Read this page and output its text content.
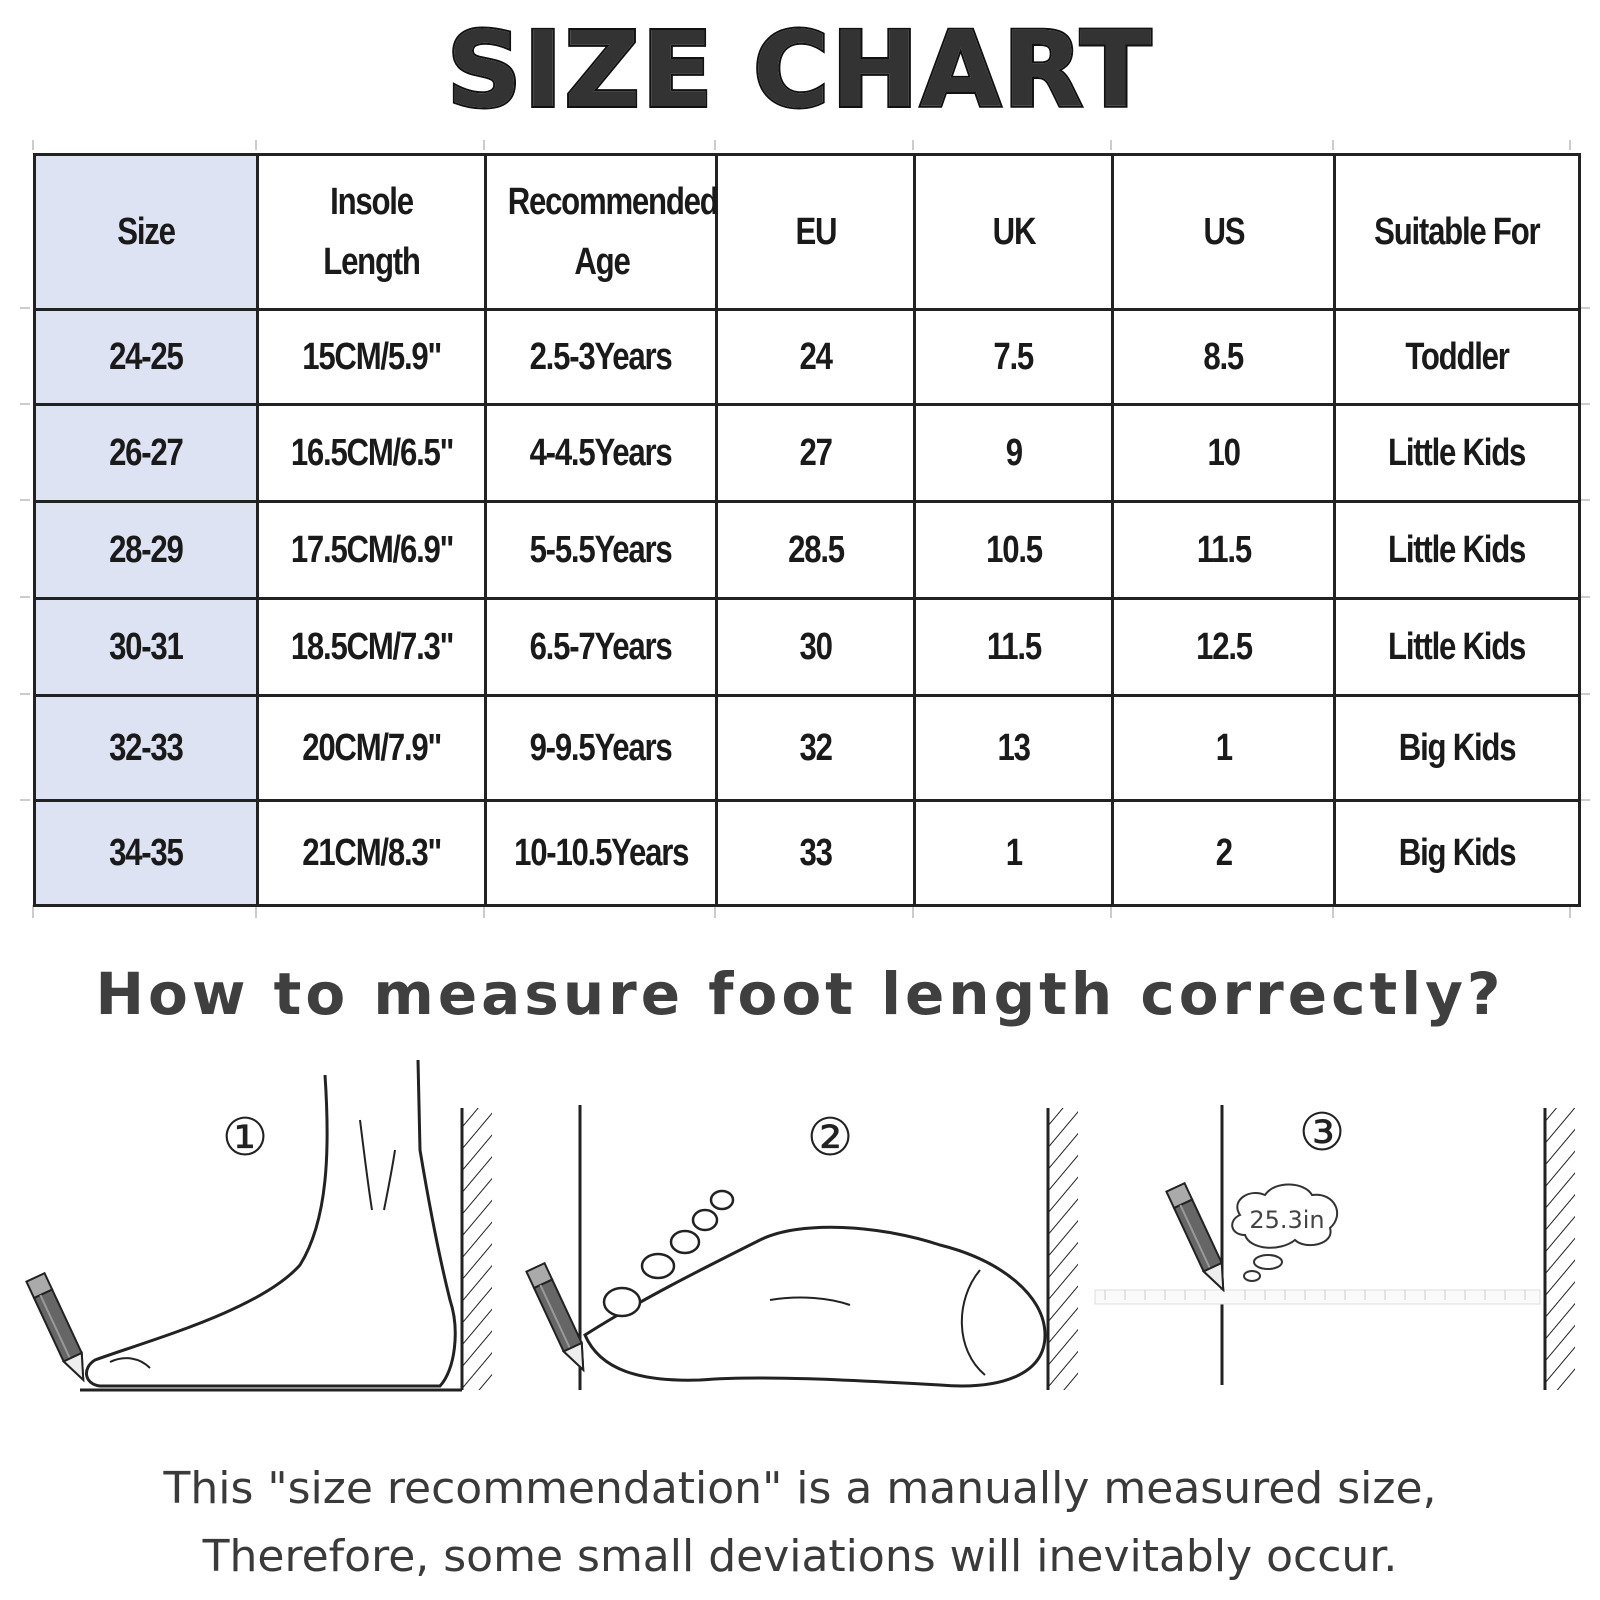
SIZE CHART
Size	Insole Length	Recommended Age	EU	UK	US	Suitable For
24-25	15CM/5.9"	2.5-3Years	24	7.5	8.5	Toddler
26-27	16.5CM/6.5"	4-4.5Years	27	9	10	Little Kids
28-29	17.5CM/6.9"	5-5.5Years	28.5	10.5	11.5	Little Kids
30-31	18.5CM/7.3"	6.5-7Years	30	11.5	12.5	Little Kids
32-33	20CM/7.9"	9-9.5Years	32	13	1	Big Kids
34-35	21CM/8.3"	10-10.5Years	33	1	2	Big Kids
How to measure foot length correctly?
①	②	③
25.3in
This "size recommendation" is a manually measured size,
Therefore, some small deviations will inevitably occur.
